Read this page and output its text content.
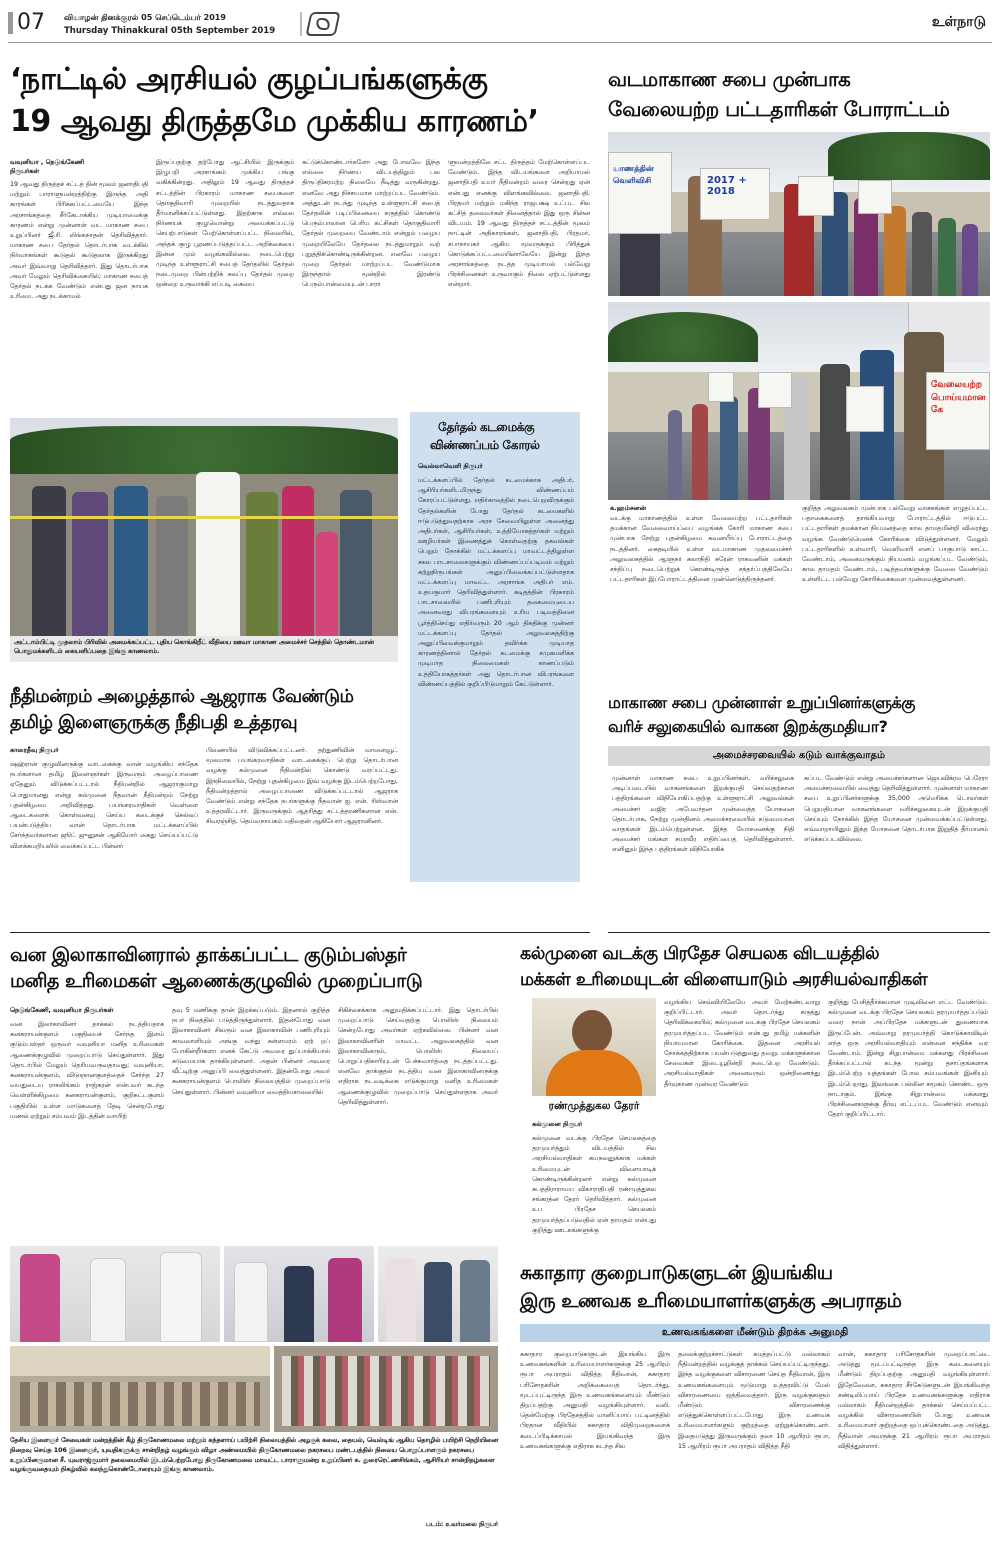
07 வியாழன் தினக்குரல் 05 செப்டெம்பர் 2019
Thursday Thinakkural 05th September 2019
உள்நாடு
‘நாட்டில் அரசியல் குழப்பங்களுக்கு
19 ஆவது திருத்தமே முக்கிய காரணம்’
வவுனியா , நெடுங்கேணி
நிருபர்கள்
19 ஆவது திருத்தச் சட்டத் தின் மூலம் ஜனாதிபதி மற்றும் பாராளுமன்றத்திற்கு இருந்த அதி காரங்கள் பிரிக்கப்பட்டமையே இந்த அரசாங்கத்தை சீர்கேடாக்கிய முடியாமைக்கு காரணம் என்று முன்னாள் வட மாகாண சபை உறுப்பினர் ஜீ.ரி. லிங்கநாதன் தெரிவித்தார். மாகாண சபை தேர்தல் தொடர்பாக வடக்கில் நிர்வாகங்கள் கூடுதல் கூடுதலாக இருக்கிறது அவர் இவ்வாறு தெரிவித்தார். இது தொடர்பாக அவர் மேலும் தெரிவிக்கையில்; மாகாண சபைத் தேர்தல் நடக்க வேண்டும் என்பது ஜன நாயக உரிமை. அது நடக்காமல்
இருப்பதற்கு தற்போது ஆட்சியில் இருக்கும் இழுபறி அரசாங்கம் முக்கிய பங்கு வகிக்கின்றது. அதிலும் 19 ஆவது திருத்தச் சட்டத்தின் பிரகாரம் மாகாண சபைகளை தொகுதிவாரி முறையில் நடத்துவதாக தீர்மானிக்கப்பட்டுள்ளது. இதற்காக எல்லை நிர்ணயக் குழுவொன்று அமைக்கப்பட்டு செயற்பாடுகள் மேற்கொள்ளப்பட்ட நிலையில், அந்தக் குழு பூரணப்படுத்தப்பட்ட அறிக்கையை இன்ன மும் வழங்கவில்லை. நடைபெற்று முடிந்த உள்ளூராட்சி சபைத் தேர்தலில் தேர்தல் நடைமுறை பின்பற்றிக் கலப்பு தேர்தல் முறை ஒன்றை உருவாக்கி எப்படி கையை
சுட்டுக்கொண்டார்களோ அது போலவே இந்த எல்லை நிர்ணய விடயத்திலும் பல திருப்திகரமற்ற நிலையே நீடித்து வருகின்றது. எனவே அது நிச்சயமாக மாற்றப்பட வேண்டும். அத்துடன் நடந்து முடிந்த உள்ளூராட்சி சபைத் தேர்தலின் படிப்பினையை கருத்தில் கொண்டு பெரும்பாலான பெரிய கட்சிகள் தொகுதிவாரி தேர்தல் முறையை வேண்டாம் என்றும் பழைய முறையிலேயே தேர்தலை நடத்துமாறும் வற் புறுத்திக்கொண்டிருக்கின்றன. எனவே பழைய முறை தேர்தல் மாற்றப்பட வேண்டுமாக இருந்தால் மூன்றில் இரண்டு பெரும்பான்மையுடன் பாரா
ளுமன்றத்திலே சட்ட திருத்தம் மேற்கொள்ளப்பட வேண்டும். இந்த விடயங்களை அறியாமல் ஜனாதிபதி உயர் நீதிமன்றம் வரை சென்றது ஏன் என்பது எனக்கு விளங்கவில்லை. ஜனாதிபதி, பிரதமர் மற்றும் மகிந்த ராஜபக்ஷ உட்பட சில கட்சித் தலைவர்கள் நினைத்தால் இது ஒரு சின்ன விடயம். 19 ஆவது திருத்தச் சட்டத்தின் மூலம் நாட்டின் அதிகாரங்கள், ஜனாதிபதி, பிரதமர், சபாநாயகர் ஆகிய மூவருக்கும் பிரித்துக் கொடுக்கப்பட்டமையினாலேயே இன்று இந்த அரசாங்கத்தை நடத்த முடியாமல் பல்வேறு பிரச்சினைகள் உருவாகும் நிலை ஏற்பட்டுள்ளது என்றார்.
வடமாகாண சபை முன்பாக
வேலையற்ற பட்டதாரிகள் போராட்டம்
யாணத்தின் வெளிவிசி	2017 + 2018
வேலையற்ற பொய்யமான கே
க.ஹம்சனன்
வடக்கு மாகாணத்தில் உள்ள வேலையற்ற பட்டதாரிகள் தமக்கான வேலைவாய்ப்பை வழங்கக் கோரி மாகாண சபை முன்பாக நேற்று புதன்கிழமை கவனயீர்ப்பு போராட்டத்தை நடத்தினர். கைதடியில் உள்ள வடமாகாண முதலமைச்சர் அலுவலகத்தில் ஆளுநர் கலாநிதி சுரேன் ராகவனின் மக்கள் சந்திப்பு நடைபெற்றுக் கொண்டிருந்த சந்தர்ப்பத்திலேயே பட்டதாரிகள் இப்போராட்டத்தினை முன்னெடுத்திருந்தனர்.
குறித்த அலுவலகம் முன்பாக பல்வேறு வாசகங்கள் எழுதப்பட்ட பதாகைகளைத் தாங்கியவாறு போராட்டத்தில் ஈடுபட்ட பட்டதாரிகள் தமக்கான நியமனத்தை கால தாமதமின்றி விரைந்து வழங்க வேண்டுமெனக் கோரிக்கை விடுத்துள்ளனர். மேலும் பட்டதாரிகளில் உள்வாரி, வெளிவாரி எனப் பாகுபாடு காட்ட வேண்டாம், அனைவருக்கும் நியமனம் வழங்கப்பட வேண்டும், கால தாமதம் வேண்டாம், படித்தவர்களுக்கு வேலை வேண்டும் உள்ளிட்ட பல்வேறு கோரிக்கைகளை முன்வைத்துள்ளனர்.
அட்டாம்பிட்டி முதலாம் பிரிவில் அமைக்கப்பட்ட புதிய கொங்கிறீட் வீதியை ஊவா மாகாண அமைச்சர் செந்தில் தொண்டமான் பொதுமக்களிடம் கையளிப்பதை இங்கு காணலாம்.
தேர்தல் கடமைக்கு
விண்ணப்பம் கோரல்
வெல்லாவெளி நிருபர்
மட்டக்களப்பில் தேர்தல் கடமைக்காக அதிபர், ஆசிரியர்களிடமிருந்து விண்ணப்பம் கோரப்பட்டுள்ளது. எதிர்காலத்தில் நடைபெறவிருக்கும் தேர்தல்களின் போது தேர்தல் கடமைகளில் ஈடுபடுத்துவதற்காக அரச சேவையிலுள்ள அனைத்து அதிபர்கள், ஆசிரியர்கள், உத்தியோகத்தர்கள் மற்றும் ஊழியர்கள் இணைத்துக் கொள்வதற்கு தகவல்கள் பெறும் நோக்கில் மட்டக்களப்பு மாவட்டத்திலுள்ள சகல பாடசாலைகளுக்கும் விண்ணப்பப்படிவம் மற்றும் சுற்றுநிருபங்கள் அனுப்பிவைக்கப்பட்டுள்ளதாக மட்டக்களப்பு மாவட்ட அரசாங்க அதிபர் எம். உதயகுமார் தெரிவித்துள்ளார். கடிதத்தின் பிரகாரம் பாடசாலையில் பணிபுரியும் தகைமையுடைய அனைவரது விபரங்களையும் உரிய படிவத்தினை பூர்த்திசெய்து எதிர்வரும் 20 ஆம் திகதிக்கு முன்னர் மட்டக்களப்பு தேர்தல் அலுவலகத்திற்கு அனுப்பிவைக்குமாறும் தவிர்க்க முடியாத காரணத்தினால் தேர்தல் கடமைக்கு சமுகமளிக்க முடியாத நிலைமைகள் காணப்படும் உத்தியோகத்தர்கள் அது தொடர்பான விபரங்களை விண்ணப்பத்தில் குறிப்பிடுமாறும் கேட்டுள்ளார்.
நீதிமன்றம் அழைத்தால் ஆஜராக வேண்டும்
தமிழ் இளைஞருக்கு நீதிபதி உத்தரவு
காரைதீவு நிருபர்
ஷஹ்ரான் குழுவினருக்கு வாடகைக்கு வான் வழங்கிய சந்தேக நபர்களான தமிழ் இளைஞர்கள் இருவரும் அழைப்பாணை ஏதேனும் விடுக்கப்பட்டால் நீதிமன்றில் ஆஜராகுமாறு பொதுமானது என்று கல்முனை நீதவான் நீதிமன்றம் நேற்று புதன்கிழமை அறிவித்தது. பயங்கரவாதிகள் வெள்ளை ஆடைகளைக் கொள்வனவு செய்ய கடைக்குச் செல்லப் பயன்படுத்திய வான் தொடர்பாக மட்டக்களப்பில் சேர்ந்தவர்களான ஜூட் ஜுனுசன் ஆகியோர் கைது செய்யப்பட்டு விளக்கமறியலில் வைக்கப்பட்ட பின்னர்
பிணையில் விடுவிக்கப்பட்டனர். தற்துணிவின் வாளைவூட் மூலமாக பயங்கரவாதிகள் வாடகைக்குப் பெற்று தொடர்பான வழக்கு கல்முனை நீதிமன்றில் கொண்டு வரப்பட்டது. இந்நிலையில், நேற்று புதன்கிழமை இவ் வழக்கு இடம்பெற்றபோது, நீதிமன்றத்தால் அழைப்பாணை விடுக்கப்பட்டால் ஆஜராக வேண்டும் என்று சந்தேக நபர்களுக்கு நீதவான் ஐ. என். ரிஸ்வான் உத்தரவிட்டார். இருவருக்கும் ஆதரித்து சட்டத்தரணிகளான என். சிவரஞ்சித், தெய்வநாயகம் மதிவதன் ஆகியோர் ஆஜரானினர்.
மாகாண சபை முன்னாள் உறுப்பினர்களுக்கு
வரிச் சலுகையில் வாகன இறக்குமதியா?
அமைச்சரவையில் கடும் வாக்குவாதம்
முன்னாள் மாகாண சபை உறுப்பினர்கள், வரிச்சலுகை அடிப்படையில் வாகனங்களை இறக்குமதி செய்வதற்கான பத்திரங்களை விநியோகிப்பதற்கு உள்ளூராட்சி அலுவல்கள் அமைச்சர் வஜிர அபேவர்தன முன்வைத்த யோசனை தொடர்பாக, நேற்று முன்தினம் அமைச்சரவையில் கடுமையான வாதங்கள் இடம்பெற்றுள்ளன. இந்த யோசனைக்கு நிதி அமைச்சர் மங்கள சமரவீர எதிர்ப்பைத் தெரிவித்துள்ளார். எனினும் இந்த பத்திரங்கள் விநியோகிக்
கப்பட வேண்டும் என்று அமைச்சர்களான ஜெயவிக்ரம பெரேரா அமைச்சரவையில் வைத்து தெரிவித்துள்ளார். முன்னாள் மாகாண சபை உறுப்பினர்களுக்கு 35,000 அமெரிக்க டொலர்கள் பெறுமதியான வாகனங்களை வரிச்சலுகையுடன் இறக்குமதி செய்யும் நோக்கில் இந்த யோசனை முன்வைக்கப்பட்டுள்ளது. எவ்வாறாயினும் இந்த யோசனை தொடர்பாக இறுதித் தீர்மானம் எடுக்கப்படவில்லை.
வன இலாகாவினரால் தாக்கப்பட்ட குடும்பஸ்தர்
மனித உரிமைகள் ஆணைக்குழுவில் முறைப்பாடு
நெடுங்கேணி, வவுனியா நிருபர்கள்
வன இலாகாவினர் தாக்கல் நடத்தியதாக கனகராயன்குளம் பகுதியைச் சேர்ந்த இளம் குடும்பஸ்தர் ஒருவர் வவுனியா மனித உரிமைகள் ஆணைக்குழுவில் முறைப்பாடு செய்துள்ளார். இது தொடர்பில் மேலும் தெரியவருவதாவது; வவுனியா, கனகராயன்குளம், விடுஞானகுளத்தைச் சேர்ந்த 27 வயதுடைய ராசலிங்கம் ராஜ்கரன் என்பவர் கடந்த வெள்ளிக்கிழமை கனகராயன்குளம், குறிசுட்டகுளம் பகுதியில் உள்ள மாடுகளைத் தேடி சென்றபோது மணல் ஏற்றும் சம்பவம் இடத்தின் வாயிற்
தவு 5 மணிக்கு தான் இறக்கப்படும். இதனால் குறித்த நபர் நிலத்தில் படுத்திருந்துள்ளார். இதன்போது வன இலாகாவினர் சிலரும் வன இலாகாவின் பணிபுரியும் காவலாளியும் அங்கு வந்து சுள்ளமரம் ஏற் றப் போகின்றீர்களா எனக் கேட்டு அவரை துப்பாக்கியால் கடுமையாக தாக்கியுள்ளனர். அதன் பின்னர் அவரை வீட்டிற்கு அனுப்பி வைத்துள்ளனர். இதன்போது அவர் கனகராயன்குளம் பொலிஸ் நிலையத்தில் முறைப்பாடு செய்துள்ளார். பின்னர் வவுனியா வைத்தியசாலையில்
சிகிச்சைக்காக அனுமதிக்கப்பட்டார். இது தொடர்பில் முறைப்பாடு செய்வதற்கு பொலிஸ் நிலையம் சென்றபோது அவர்கள் ஏற்கவில்லை. பின்னர் வன இலாகாவினரின் மாவட்ட அலுவலகத்தில் வன இலாகாவினரும், பொலிஸ் நிலையப் பொறுப்பதிகாரியுடன் பேச்சுவார்த்தை நடத்தப்பட்டது. எனவே தாக்குதல் நடத்திய வன இலாகாவினருக்கு எதிராக நடவடிக்கை எடுக்குமாறு மனித உரிமைகள் ஆணைக்குழுவில் முறைப்பாடு செய்துள்ளதாக அவர் தெரிவித்துள்ளார்.
கல்முனை வடக்கு பிரதேச செயலக விடயத்தில்
மக்கள் உரிமையுடன் விளையாடும் அரசியல்வாதிகள்
ரண்முத்துகல தேரர்
கல்முனை நிருபர்
கல்முனை வடக்கு பிரதேச செயலகத்தை தரமுயர்த்தும் விடயத்தில் சில அரசியல்வாதிகள் சுயநலனுக்காக மக்கள் உரிமையுடன் விளையாடிக் கொண்டிருக்கின்றனர் என்று கல்முனை சுபத்திராராமய விகாராதிபதி ரண்முத்துகல சங்கரத்ன தேரர் தெரிவித்தார். கல்முனை உப பிரதேச செயலகம் தரமுயர்த்தப்படுவதில் ஏன் தாமதம் என்பது குறித்து ஊடகங்களுக்கு
வழங்கிய செவ்வியிலேயே அவர் மேற்கண்டவாறு குறிப்பிட்டார். அவர் தொடர்ந்து கருத்து தெரிவிக்கையில்; கல்முனை வடக்கு பிரதேச செயலகம் தரமுயர்த்தப்பட வேண்டும் என்பது தமிழ் மக்களின் நியாயமான கோரிக்கை. இதனை அரசியல் நோக்கத்திற்காக பயன்படுத்துவது தவறு. மக்களுக்கான சேவைகள் இடையூறின்றி நடைபெற வேண்டும். அரசியல்வாதிகள் அனைவரும் ஒன்றிணைந்து தீர்வுகாண முன்வர வேண்டும்
குறித்து பேசித்தீர்க்கமான முடிவினை எட்ட வேண்டும். கல்முனை வடக்கு பிரதேச செயலகம் தரமுயர்த்தப்படும் வரை நான் அப்பிரதேச மக்களுடன் துணையாக இருப்பேன். அவ்வாறு தரமுயர்த்தி கொடுக்காவிடில் எந்த ஒரு அரசியல்வாதியும் என்னை சந்திக்க வர வேண்டாம். இன்று சிறுபான்மை மக்களது பிரச்சினை தீர்க்கப்பட்டால் கடந்த மூன்று தசாப்தங்களாக இடம்பெற்ற யுத்தங்கள் போல சம்பவங்கள் இனியும் இடம்பெறாது. இலங்கை பல்லின சமூகம் கொண்ட ஒரு நாடாகும். இங்கு சிறுபான்மை மக்களது பிரச்சினைகளுக்கு தீர்வு எட்டப்பட வேண்டும் எனவும் தேரர் குறிப்பிட்டார்.
தேசிய இளைஞர் சேவைகள் மன்றத்தின் கீழ் திருகோணமலை மற்றும் கந்தளாய் பயிற்சி நிலையத்தில் அழகுக் கலை, தையல், வெல்டிங் ஆகிய தொழில் பயிற்சி நெறியினை நிறைவு செய்த 106 இளைஞர், யுவதிகளுக்கு சான்றிதழ் வழங்கும் விழா அண்மையில் திருகோணமலை நகரசபை மண்டபத்தில் நிலைய பொறுப்பாளரும் நகரசபை உறுப்பினருமான சீ. யுவராஜ்குமார் தலைமையில் இடம்பெற்றபோது திருகோணமலை மாவட்ட பாராளுமன்ற உறுப்பினர் க. துரைரெட்ணசிங்கம், ஆசிரியர் சான்றிதழ்களை வழங்குவதையும் நிகழ்வில் கலந்துகொண்டோரையும் இங்கு காணலாம்.
படம்: உவர்மலை நிருபர்
சுகாதார குறைபாடுகளுடன் இயங்கிய
இரு உணவக உரிமையாளர்களுக்கு அபராதம்
உணவகங்களை மீண்டும் திறக்க அனுமதி
சுகாதார குறைபாடுகளுடன் இயங்கிய இரு உணவகங்களின் உரிமையாளர்களுக்கு 25 ஆயிரம் ரூபா அபராதம் விதித்த நீதிவான், சுகாதார பரிசோதகரின் அறிக்கையைத் தொடர்ந்து, மூடப்பட்டிருந்த இரு உணவகங்களையும் மீண்டும் திறப்பதற்கு அனுமதி வழங்கியுள்ளார். வலி. தென்மேற்கு பிரதேசத்தில் மானிப்பாய் பட்டினத்தில் பிரதான வீதியில் சுகாதார விதிமுறைகளைக் கடைப்பிடிக்காமல் இயங்கிவந்த இரு உணவகங்களுக்கு எதிராக கடந்த சில
தலைக்குற்றச்சாட்டுகள் சுமத்தப்பட்டு மல்லாகம் நீதிமன்றத்தில் வழக்குத் தாக்கல் செய்யப்பட்டிருந்தது. இந்த வழக்குகளை விசாரணை செய்த நீதிவான், இரு உணவகங்களையும் மூடுமாறு உத்தரவிட்டு மேல் விசாரணையை ஒத்திவைத்தார். இரு வழக்குகளும் மீண்டும் விசாரணைக்கு எடுத்துக்கொள்ளப்பட்டபோது இரு உணவக உரிமையாளர்களும் குற்றத்தை ஏற்றுக்கொண்டனர். இதையடுத்து இருவருக்கும் தலா 10 ஆயிரம் ரூபா, 15 ஆயிரம் ரூபா அபராதம் விதித்த நீதி
வான், சுகாதார பரிசோதகரின் முறைப்பாட்டை அடுத்து மூடப்பட்டிருந்த இரு கடைகளையும் மீண்டும் திறப்பதற்கு அனுமதி வழங்கியுள்ளார். இதேவேளை, சுகாதார சீர்கேடுகளுடன் இயங்கிவந்த சண்டிலிப்பாய் பிரதேச உணவகங்களுக்கு எதிராக மல்லாகம் நீதிமன்றத்தில் தாக்கல் செய்யப்பட்ட வழக்கில் விசாரணையின் போது உணவக உரிமையாளர் குற்றத்தை ஒப்புக்கொண்டதை அடுத்து, நீதிவான் அவருக்கு 21 ஆயிரம் ரூபா அபராதம் விதித்துள்ளார்.
